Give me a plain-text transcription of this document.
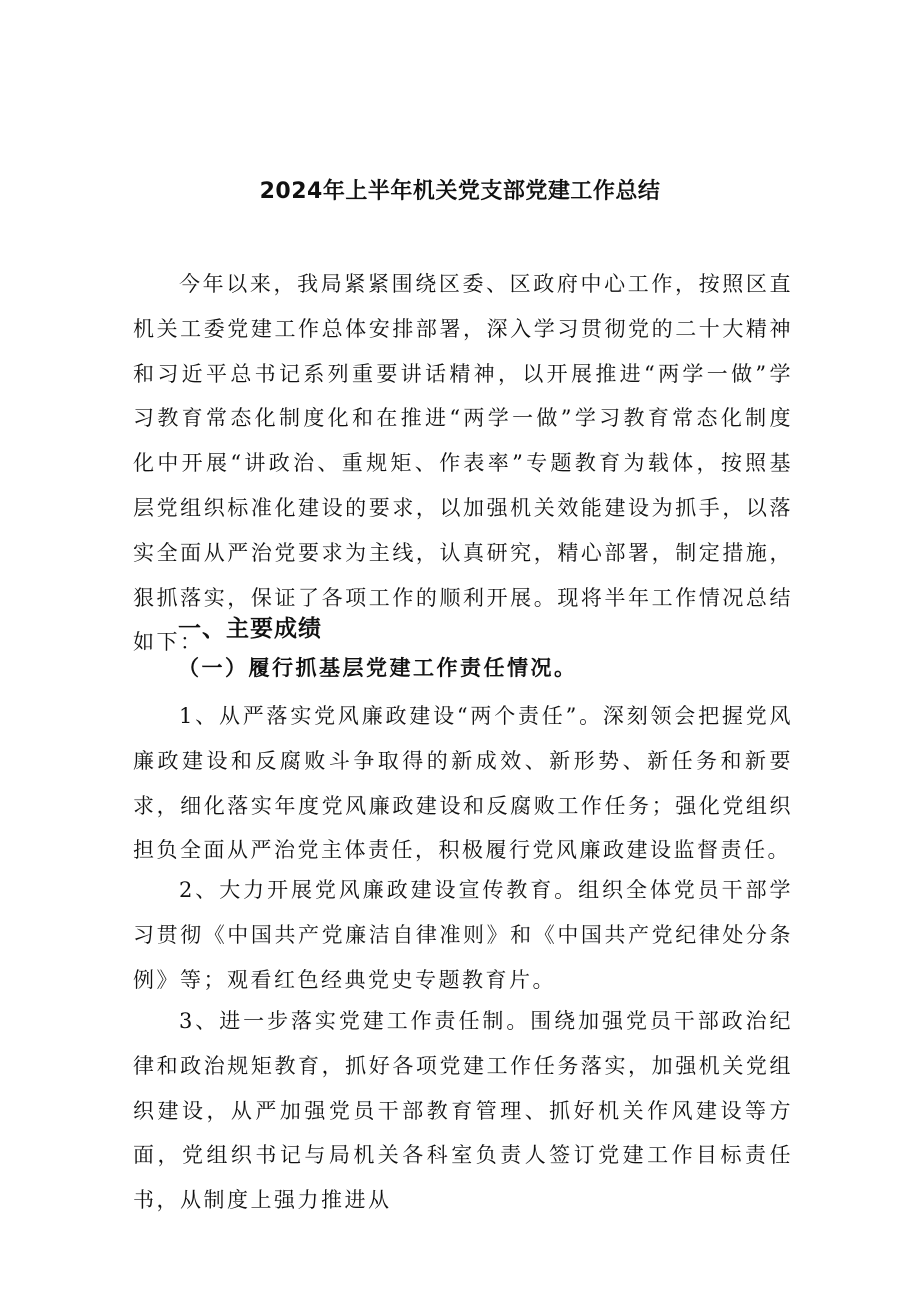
2024年上半年机关党支部党建工作总结

今年以来，我局紧紧围绕区委、区政府中心工作，按照区直机关工委党建工作总体安排部署，深入学习贯彻党的二十大精神和习近平总书记系列重要讲话精神，以开展推进“两学一做”学习教育常态化制度化和在推进“两学一做”学习教育常态化制度化中开展“讲政治、重规矩、作表率”专题教育为载体，按照基层党组织标准化建设的要求，以加强机关效能建设为抓手，以落实全面从严治党要求为主线，认真研究，精心部署，制定措施，狠抓落实，保证了各项工作的顺利开展。现将半年工作情况总结如下：

一、主要成绩
（一）履行抓基层党建工作责任情况。

1、从严落实党风廉政建设“两个责任”。深刻领会把握党风廉政建设和反腐败斗争取得的新成效、新形势、新任务和新要求，细化落实年度党风廉政建设和反腐败工作任务；强化党组织担负全面从严治党主体责任，积极履行党风廉政建设监督责任。

2、大力开展党风廉政建设宣传教育。组织全体党员干部学习贯彻《中国共产党廉洁自律准则》和《中国共产党纪律处分条例》等；观看红色经典党史专题教育片。

3、进一步落实党建工作责任制。围绕加强党员干部政治纪律和政治规矩教育，抓好各项党建工作任务落实，加强机关党组织建设，从严加强党员干部教育管理、抓好机关作风建设等方面，党组织书记与局机关各科室负责人签订党建工作目标责任书，从制度上强力推进从
